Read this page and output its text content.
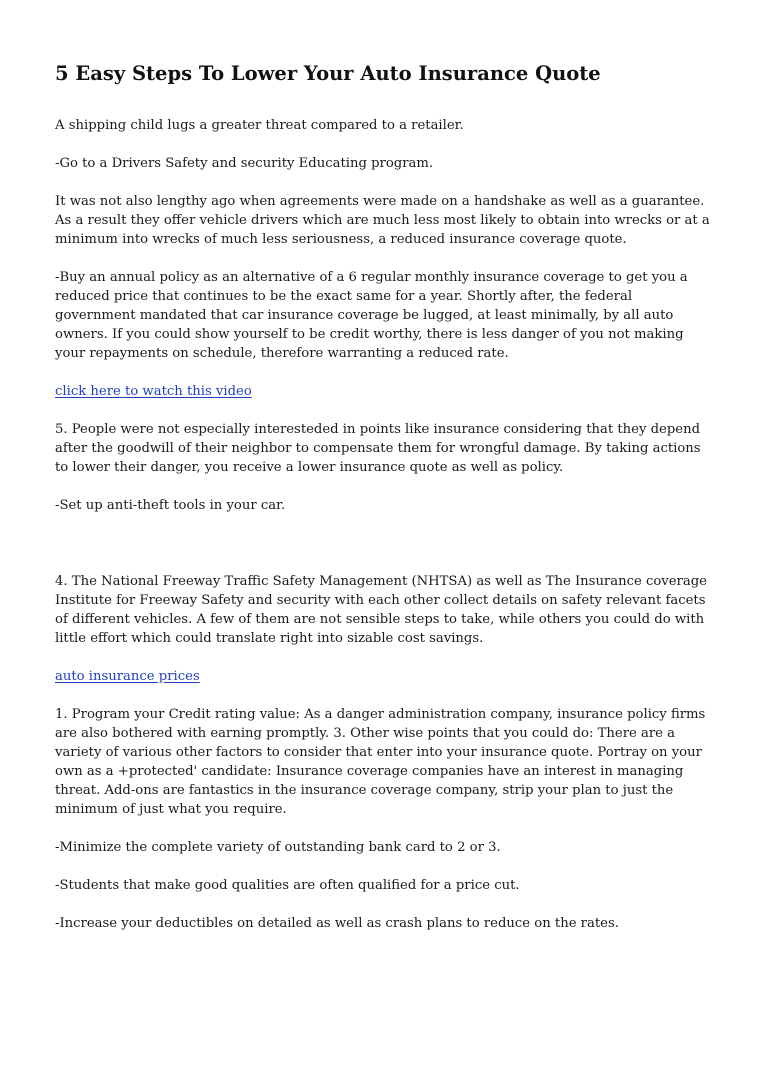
5 Easy Steps To Lower Your Auto Insurance Quote

A shipping child lugs a greater threat compared to a retailer.

-Go to a Drivers Safety and security Educating program.

It was not also lengthy ago when agreements were made on a handshake as well as a guarantee. As a result they offer vehicle drivers which are much less most likely to obtain into wrecks or at a minimum into wrecks of much less seriousness, a reduced insurance coverage quote.

-Buy an annual policy as an alternative of a 6 regular monthly insurance coverage to get you a reduced price that continues to be the exact same for a year. Shortly after, the federal government mandated that car insurance coverage be lugged, at least minimally, by all auto owners. If you could show yourself to be credit worthy, there is less danger of you not making your repayments on schedule, therefore warranting a reduced rate.

click here to watch this video

5. People were not especially interesteded in points like insurance considering that they depend after the goodwill of their neighbor to compensate them for wrongful damage. By taking actions to lower their danger, you receive a lower insurance quote as well as policy.

-Set up anti-theft tools in your car.

4. The National Freeway Traffic Safety Management (NHTSA) as well as The Insurance coverage Institute for Freeway Safety and security with each other collect details on safety relevant facets of different vehicles. A few of them are not sensible steps to take, while others you could do with little effort which could translate right into sizable cost savings.

auto insurance prices

1. Program your Credit rating value: As a danger administration company, insurance policy firms are also bothered with earning promptly. 3. Other wise points that you could do: There are a variety of various other factors to consider that enter into your insurance quote. Portray on your own as a +protected' candidate: Insurance coverage companies have an interest in managing threat. Add-ons are fantastics in the insurance coverage company, strip your plan to just the minimum of just what you require.

-Minimize the complete variety of outstanding bank card to 2 or 3.

-Students that make good qualities are often qualified for a price cut.

-Increase your deductibles on detailed as well as crash plans to reduce on the rates.
